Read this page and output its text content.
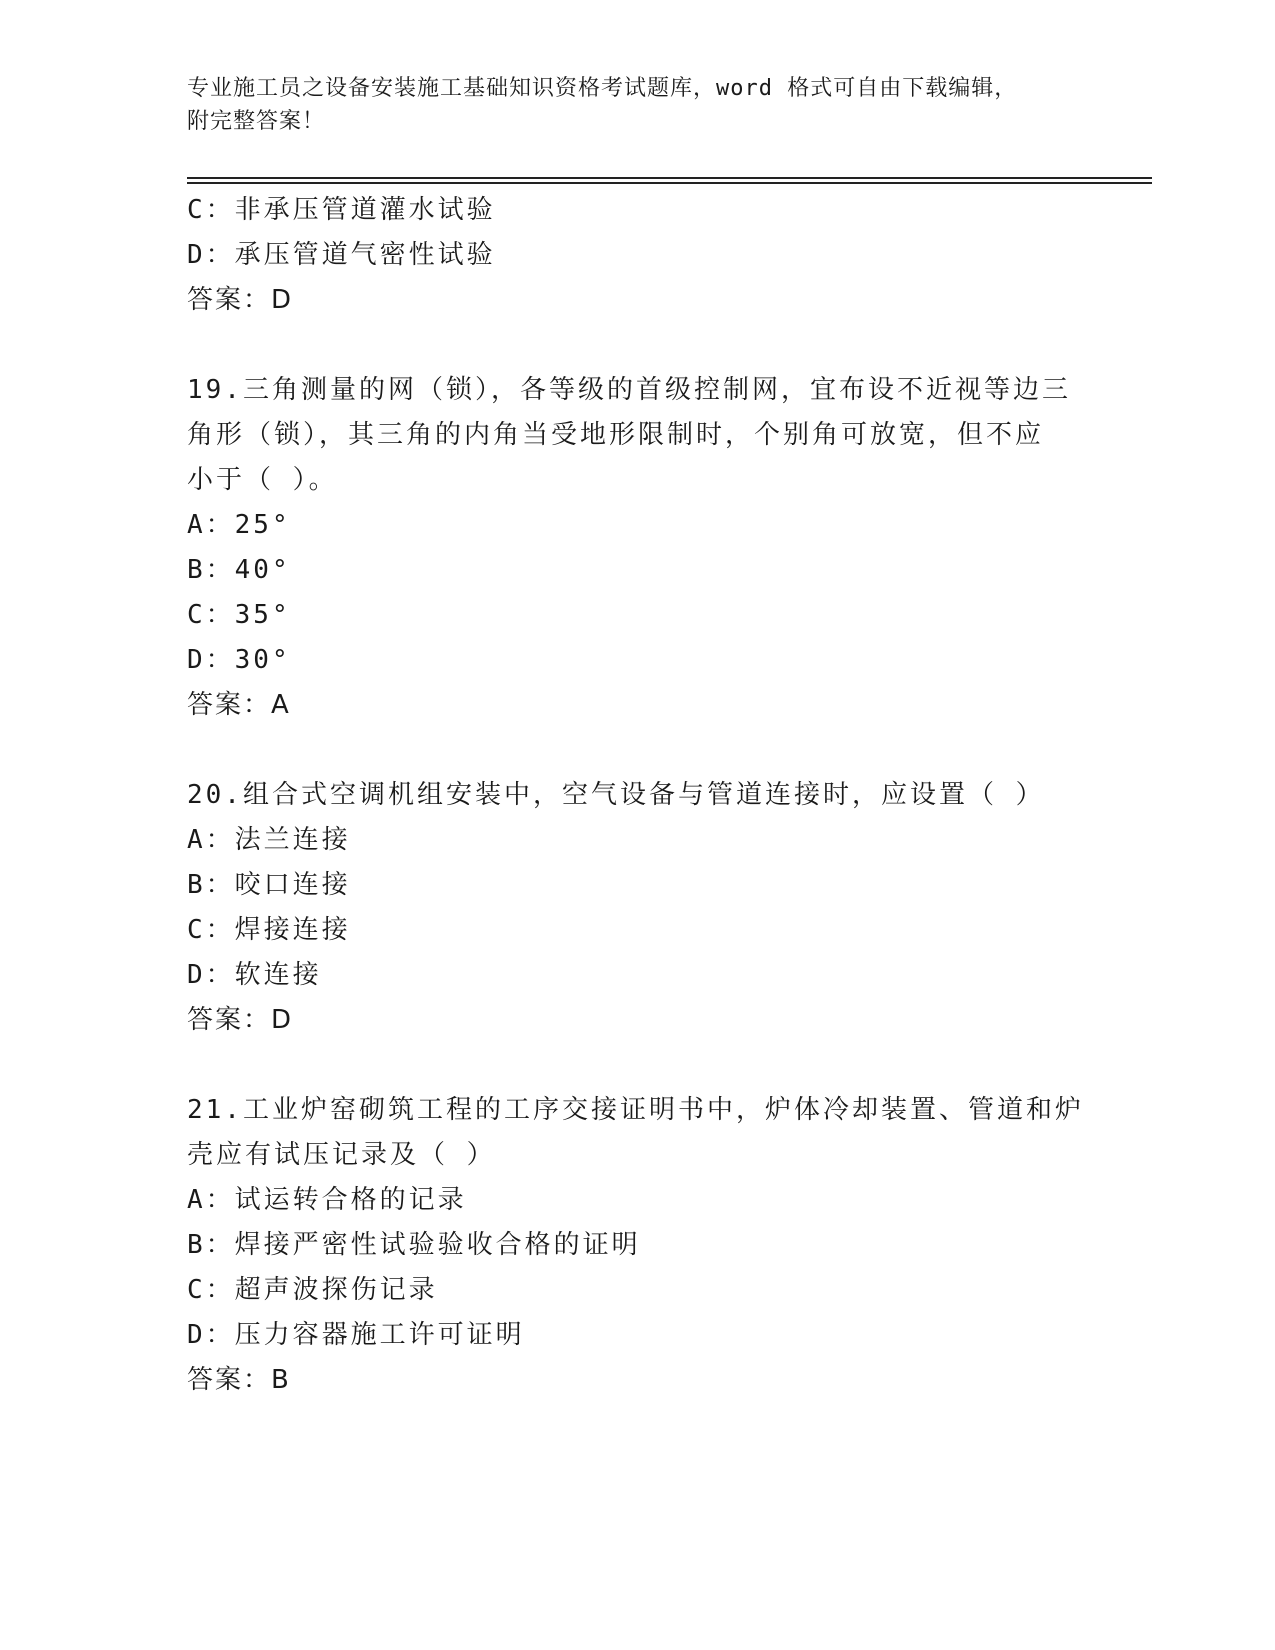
专业施工员之设备安装施工基础知识资格考试题库，word 格式可自由下载编辑，
附完整答案！
C：非承压管道灌水试验
D：承压管道气密性试验
答案：D
19.三角测量的网（锁），各等级的首级控制网，宜布设不近视等边三
角形（锁），其三角的内角当受地形限制时，个别角可放宽，但不应
小于（ ）。
A：25°
B：40°
C：35°
D：30°
答案：A
20.组合式空调机组安装中，空气设备与管道连接时，应设置（ ）
A：法兰连接
B：咬口连接
C：焊接连接
D：软连接
答案：D
21.工业炉窑砌筑工程的工序交接证明书中，炉体冷却装置、管道和炉
壳应有试压记录及（ ）
A：试运转合格的记录
B：焊接严密性试验验收合格的证明
C：超声波探伤记录
D：压力容器施工许可证明
答案：B
